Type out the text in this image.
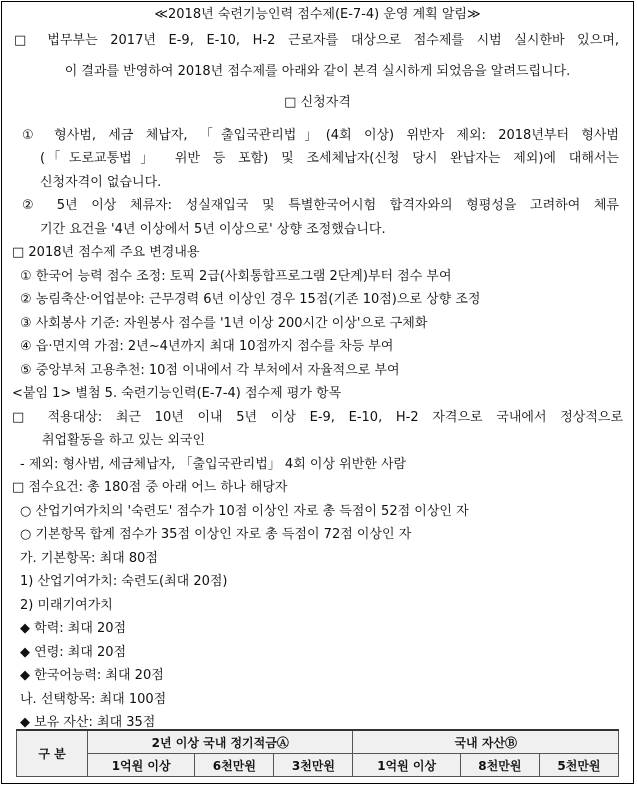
≪2018년 숙련기능인력 점수제(E-7-4) 운영 계획 알림≫
□ 법무부는 2017년 E-9, E-10, H-2 근로자를 대상으로 점수제를 시범 실시한바 있으며,
이 결과를 반영하여 2018년 점수제를 아래와 같이 본격 실시하게 되었음을 알려드립니다.
□ 신청자격
① 형사범, 세금 체납자, 「출입국관리법」(4회 이상) 위반자 제외: 2018년부터 형사범
(「도로교통법」 위반 등 포함) 및 조세체납자(신청 당시 완납자는 제외)에 대해서는
신청자격이 없습니다.
② 5년 이상 체류자: 성실재입국 및 특별한국어시험 합격자와의 형평성을 고려하여 체류
기간 요건을 '4년 이상에서 5년 이상으로' 상향 조정했습니다.
□ 2018년 점수제 주요 변경내용
① 한국어 능력 점수 조정: 토픽 2급(사회통합프로그램 2단계)부터 점수 부여
② 농림축산·어업분야: 근무경력 6년 이상인 경우 15점(기존 10점)으로 상향 조정
③ 사회봉사 기준: 자원봉사 점수를 '1년 이상 200시간 이상'으로 구체화
④ 읍·면지역 가점: 2년~4년까지 최대 10점까지 점수를 차등 부여
⑤ 중앙부처 고용추천: 10점 이내에서 각 부처에서 자율적으로 부여
<붙임 1> 별첨 5. 숙련기능인력(E-7-4) 점수제 평가 항목
□ 적용대상: 최근 10년 이내 5년 이상 E-9, E-10, H-2 자격으로 국내에서 정상적으로
취업활동을 하고 있는 외국인
- 제외: 형사범, 세금체납자, 「출입국관리법」 4회 이상 위반한 사람
□ 점수요건: 총 180점 중 아래 어느 하나 해당자
○ 산업기여가치의 '숙련도' 점수가 10점 이상인 자로 총 득점이 52점 이상인 자
○ 기본항목 합계 점수가 35점 이상인 자로 총 득점이 72점 이상인 자
가. 기본항목: 최대 80점
1) 산업기여가치: 숙련도(최대 20점)
2) 미래기여가치
◆ 학력: 최대 20점
◆ 연령: 최대 20점
◆ 한국어능력: 최대 20점
나. 선택항목: 최대 100점
◆ 보유 자산: 최대 35점
구 분	2년 이상 국내 정기적금Ⓐ			국내 자산Ⓑ		
	1억원 이상	6천만원	3천만원	1억원 이상	8천만원	5천만원
